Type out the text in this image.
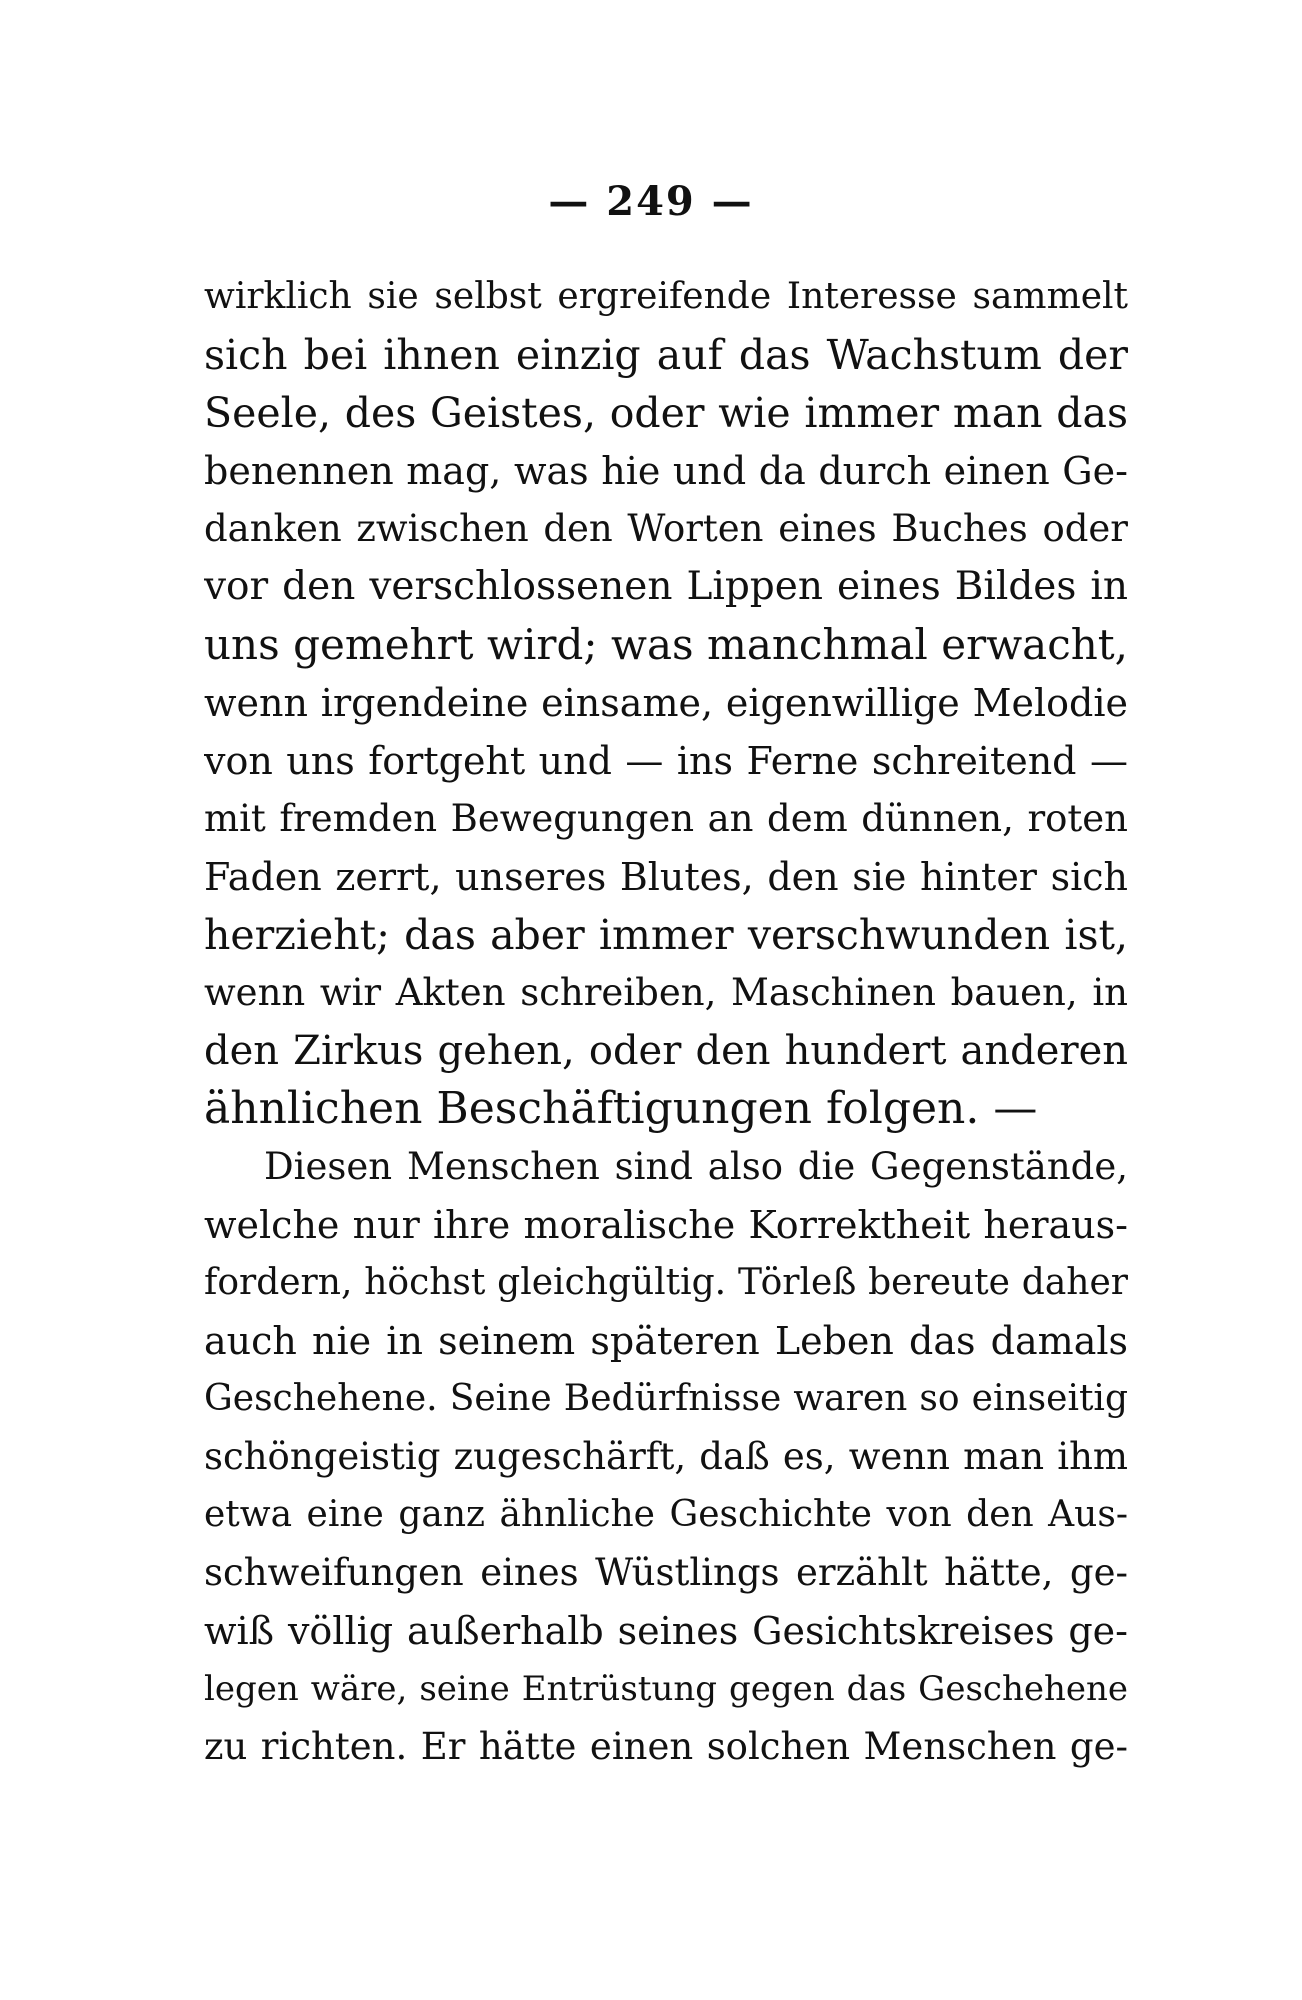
— 249 —
wirklich sie selbst ergreifende Interesse sammelt
sich bei ihnen einzig auf das Wachstum der
Seele, des Geistes, oder wie immer man das
benennen mag, was hie und da durch einen Ge-
danken zwischen den Worten eines Buches oder
vor den verschlossenen Lippen eines Bildes in
uns gemehrt wird; was manchmal erwacht,
wenn irgendeine einsame, eigenwillige Melodie
von uns fortgeht und — ins Ferne schreitend —
mit fremden Bewegungen an dem dünnen, roten
Faden zerrt, unseres Blutes, den sie hinter sich
herzieht; das aber immer verschwunden ist,
wenn wir Akten schreiben, Maschinen bauen, in
den Zirkus gehen, oder den hundert anderen
ähnlichen Beschäftigungen folgen. —
Diesen Menschen sind also die Gegenstände,
welche nur ihre moralische Korrektheit heraus-
fordern, höchst gleichgültig. Törleß bereute daher
auch nie in seinem späteren Leben das damals
Geschehene. Seine Bedürfnisse waren so einseitig
schöngeistig zugeschärft, daß es, wenn man ihm
etwa eine ganz ähnliche Geschichte von den Aus-
schweifungen eines Wüstlings erzählt hätte, ge-
wiß völlig außerhalb seines Gesichtskreises ge-
legen wäre, seine Entrüstung gegen das Geschehene
zu richten. Er hätte einen solchen Menschen ge-
